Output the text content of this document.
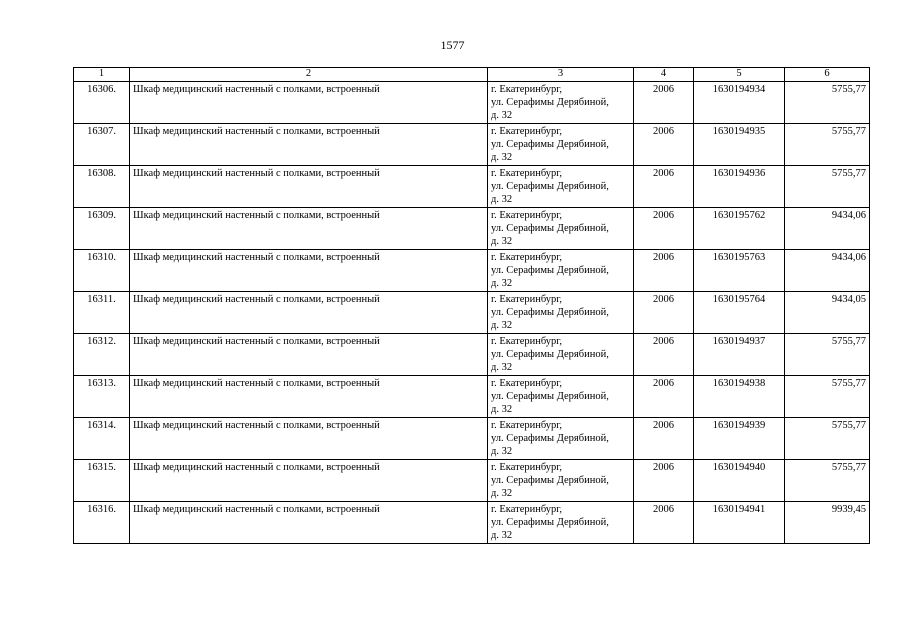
1577
1	2	3	4	5	6
16306.	Шкаф медицинский настенный с полками, встроенный	г. Екатеринбург,
ул. Серафимы Дерябиной,
д. 32	2006	1630194934	5755,77
16307.	Шкаф медицинский настенный с полками, встроенный	г. Екатеринбург,
ул. Серафимы Дерябиной,
д. 32	2006	1630194935	5755,77
16308.	Шкаф медицинский настенный с полками, встроенный	г. Екатеринбург,
ул. Серафимы Дерябиной,
д. 32	2006	1630194936	5755,77
16309.	Шкаф медицинский настенный с полками, встроенный	г. Екатеринбург,
ул. Серафимы Дерябиной,
д. 32	2006	1630195762	9434,06
16310.	Шкаф медицинский настенный с полками, встроенный	г. Екатеринбург,
ул. Серафимы Дерябиной,
д. 32	2006	1630195763	9434,06
16311.	Шкаф медицинский настенный с полками, встроенный	г. Екатеринбург,
ул. Серафимы Дерябиной,
д. 32	2006	1630195764	9434,05
16312.	Шкаф медицинский настенный с полками, встроенный	г. Екатеринбург,
ул. Серафимы Дерябиной,
д. 32	2006	1630194937	5755,77
16313.	Шкаф медицинский настенный с полками, встроенный	г. Екатеринбург,
ул. Серафимы Дерябиной,
д. 32	2006	1630194938	5755,77
16314.	Шкаф медицинский настенный с полками, встроенный	г. Екатеринбург,
ул. Серафимы Дерябиной,
д. 32	2006	1630194939	5755,77
16315.	Шкаф медицинский настенный с полками, встроенный	г. Екатеринбург,
ул. Серафимы Дерябиной,
д. 32	2006	1630194940	5755,77
16316.	Шкаф медицинский настенный с полками, встроенный	г. Екатеринбург,
ул. Серафимы Дерябиной,
д. 32	2006	1630194941	9939,45
